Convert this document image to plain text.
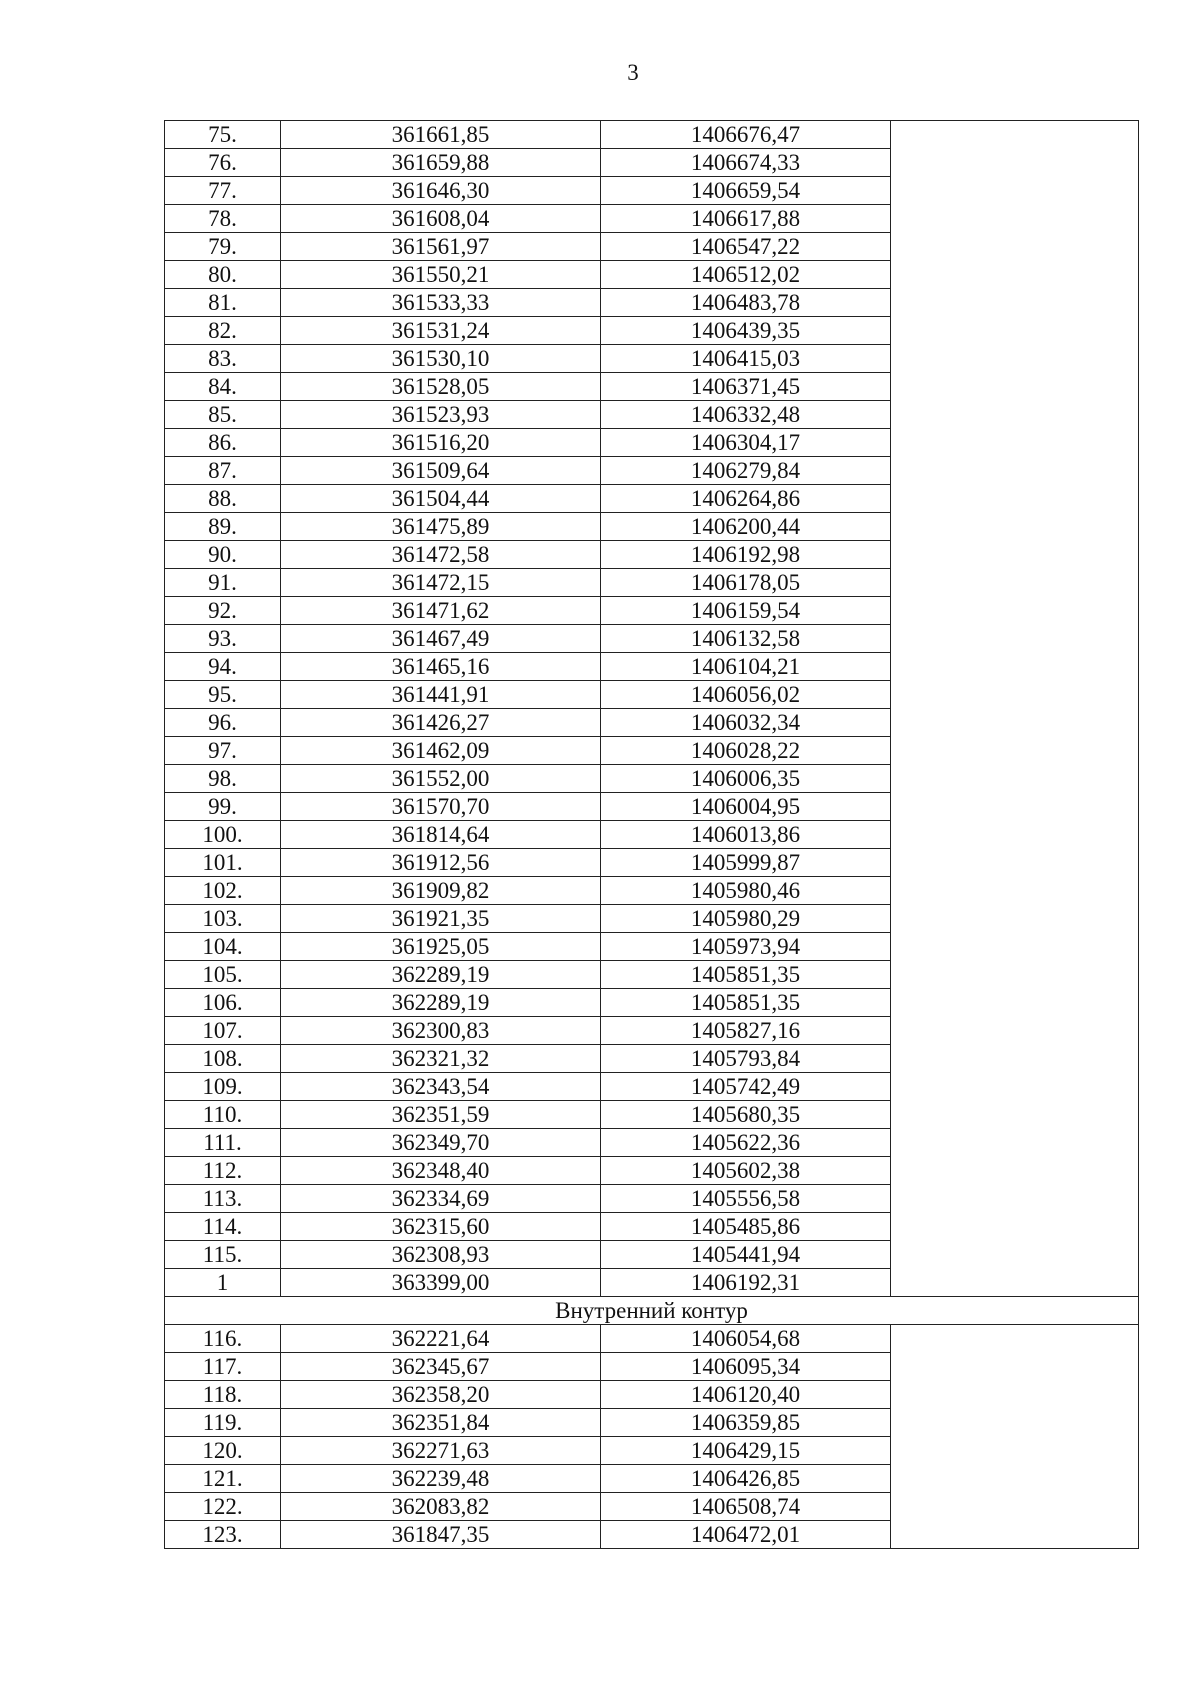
3
75.	361661,85	1406676,47	
76.	361659,88	1406674,33	
77.	361646,30	1406659,54	
78.	361608,04	1406617,88	
79.	361561,97	1406547,22	
80.	361550,21	1406512,02	
81.	361533,33	1406483,78	
82.	361531,24	1406439,35	
83.	361530,10	1406415,03	
84.	361528,05	1406371,45	
85.	361523,93	1406332,48	
86.	361516,20	1406304,17	
87.	361509,64	1406279,84	
88.	361504,44	1406264,86	
89.	361475,89	1406200,44	
90.	361472,58	1406192,98	
91.	361472,15	1406178,05	
92.	361471,62	1406159,54	
93.	361467,49	1406132,58	
94.	361465,16	1406104,21	
95.	361441,91	1406056,02	
96.	361426,27	1406032,34	
97.	361462,09	1406028,22	
98.	361552,00	1406006,35	
99.	361570,70	1406004,95	
100.	361814,64	1406013,86	
101.	361912,56	1405999,87	
102.	361909,82	1405980,46	
103.	361921,35	1405980,29	
104.	361925,05	1405973,94	
105.	362289,19	1405851,35	
106.	362289,19	1405851,35	
107.	362300,83	1405827,16	
108.	362321,32	1405793,84	
109.	362343,54	1405742,49	
110.	362351,59	1405680,35	
111.	362349,70	1405622,36	
112.	362348,40	1405602,38	
113.	362334,69	1405556,58	
114.	362315,60	1405485,86	
115.	362308,93	1405441,94	
1	363399,00	1406192,31	
Внутренний контур			
116.	362221,64	1406054,68	
117.	362345,67	1406095,34	
118.	362358,20	1406120,40	
119.	362351,84	1406359,85	
120.	362271,63	1406429,15	
121.	362239,48	1406426,85	
122.	362083,82	1406508,74	
123.	361847,35	1406472,01	
